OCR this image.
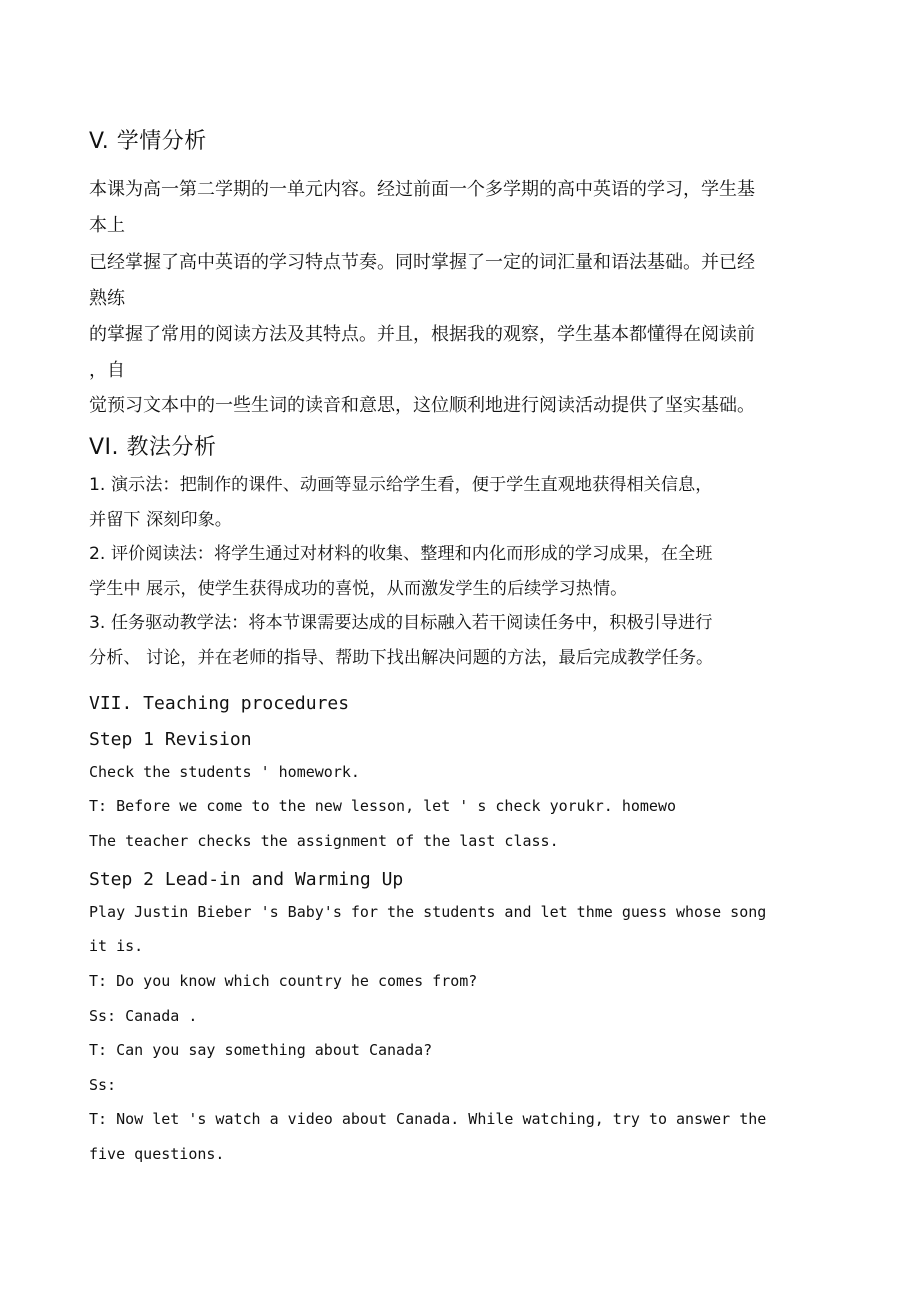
V. 学情分析
本课为高一第二学期的一单元内容。经过前面一个多学期的高中英语的学习，学生基
本上
已经掌握了高中英语的学习特点节奏。同时掌握了一定的词汇量和语法基础。并已经
熟练
的掌握了常用的阅读方法及其特点。并且，根据我的观察，学生基本都懂得在阅读前
，自
觉预习文本中的一些生词的读音和意思，这位顺利地进行阅读活动提供了坚实基础。
VI. 教法分析
1. 演示法：把制作的课件、动画等显示给学生看，便于学生直观地获得相关信息，
并留下 深刻印象。
2. 评价阅读法：将学生通过对材料的收集、整理和内化而形成的学习成果，在全班
学生中 展示，使学生获得成功的喜悦，从而激发学生的后续学习热情。
3. 任务驱动教学法：将本节课需要达成的目标融入若干阅读任务中，积极引导进行
分析、 讨论，并在老师的指导、帮助下找出解决问题的方法，最后完成教学任务。
VII. Teaching procedures
Step 1 Revision
Check the students ' homework.
T: Before we come to the new lesson, let ' s check yorukr. homewo
The teacher checks the assignment of the last class.
Step 2 Lead-in and Warming Up
Play Justin Bieber 's Baby's for the students and let thme guess whose song
it is.
T: Do you know which country he comes from?
Ss: Canada .
T: Can you say something about Canada?
Ss:
T: Now let 's watch a video about Canada. While watching, try to answer the
five questions.
